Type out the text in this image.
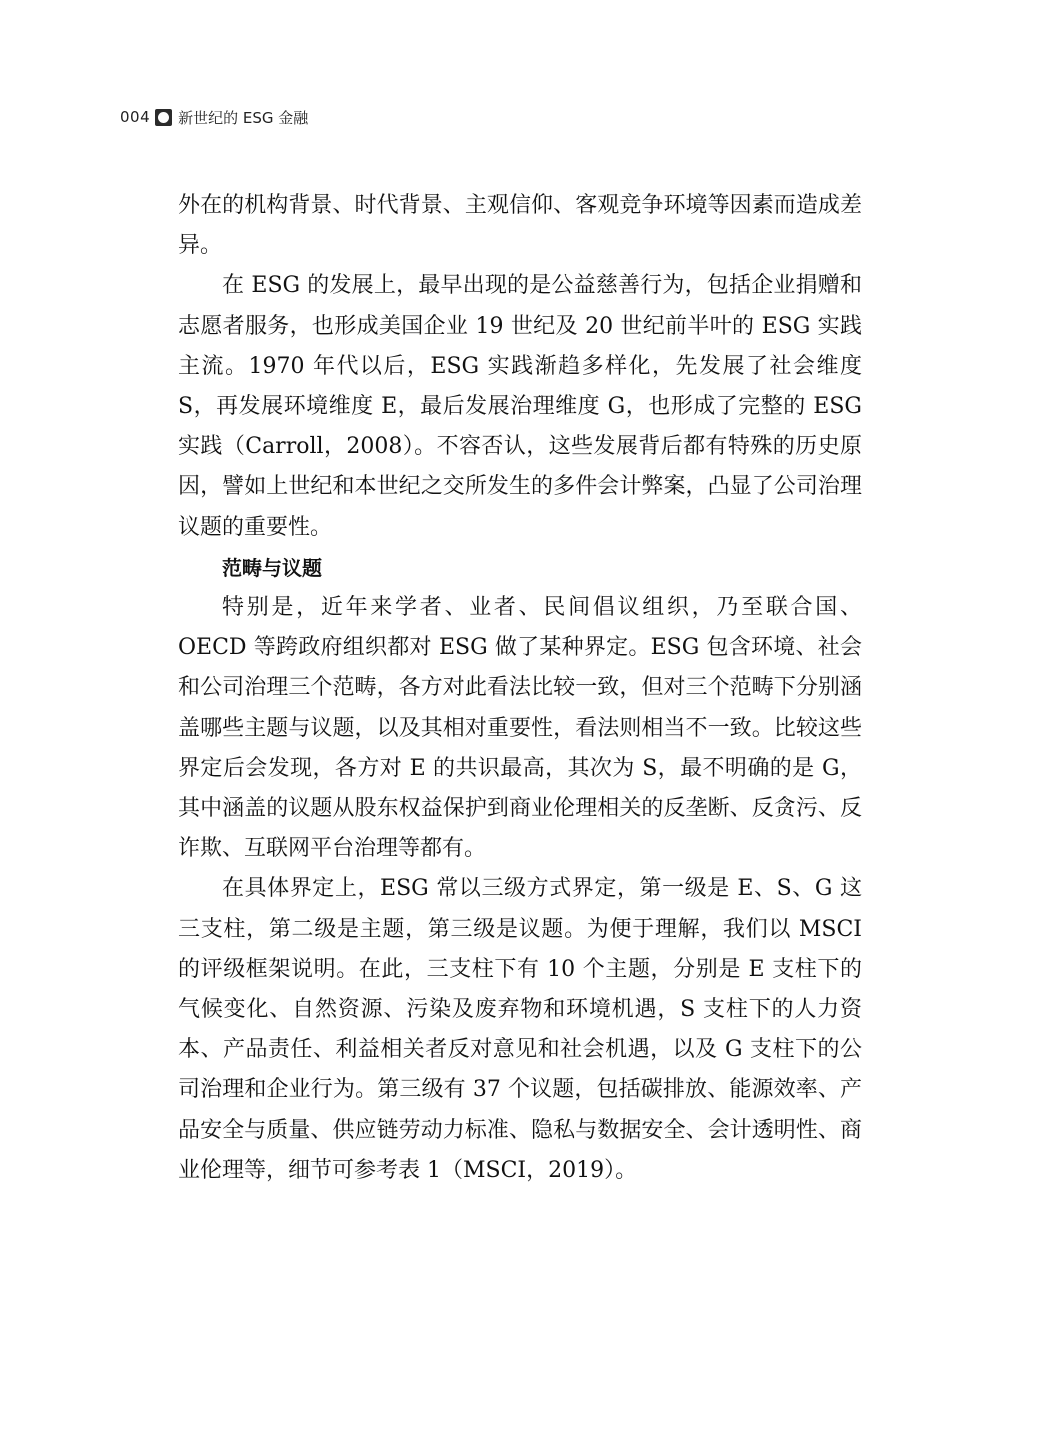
004 新世纪的 ESG 金融

外在的机构背景、时代背景、主观信仰、客观竞争环境等因素而造成差异。

在 ESG 的发展上，最早出现的是公益慈善行为，包括企业捐赠和志愿者服务，也形成美国企业 19 世纪及 20 世纪前半叶的 ESG 实践主流。1970 年代以后，ESG 实践渐趋多样化，先发展了社会维度 S，再发展环境维度 E，最后发展治理维度 G，也形成了完整的 ESG 实践（Carroll，2008）。不容否认，这些发展背后都有特殊的历史原因，譬如上世纪和本世纪之交所发生的多件会计弊案，凸显了公司治理议题的重要性。

范畴与议题

特别是，近年来学者、业者、民间倡议组织，乃至联合国、OECD 等跨政府组织都对 ESG 做了某种界定。ESG 包含环境、社会和公司治理三个范畴，各方对此看法比较一致，但对三个范畴下分别涵盖哪些主题与议题，以及其相对重要性，看法则相当不一致。比较这些界定后会发现，各方对 E 的共识最高，其次为 S，最不明确的是 G，其中涵盖的议题从股东权益保护到商业伦理相关的反垄断、反贪污、反诈欺、互联网平台治理等都有。

在具体界定上，ESG 常以三级方式界定，第一级是 E、S、G 这三支柱，第二级是主题，第三级是议题。为便于理解，我们以 MSCI 的评级框架说明。在此，三支柱下有 10 个主题，分别是 E 支柱下的气候变化、自然资源、污染及废弃物和环境机遇，S 支柱下的人力资本、产品责任、利益相关者反对意见和社会机遇，以及 G 支柱下的公司治理和企业行为。第三级有 37 个议题，包括碳排放、能源效率、产品安全与质量、供应链劳动力标准、隐私与数据安全、会计透明性、商业伦理等，细节可参考表 1（MSCI，2019）。
